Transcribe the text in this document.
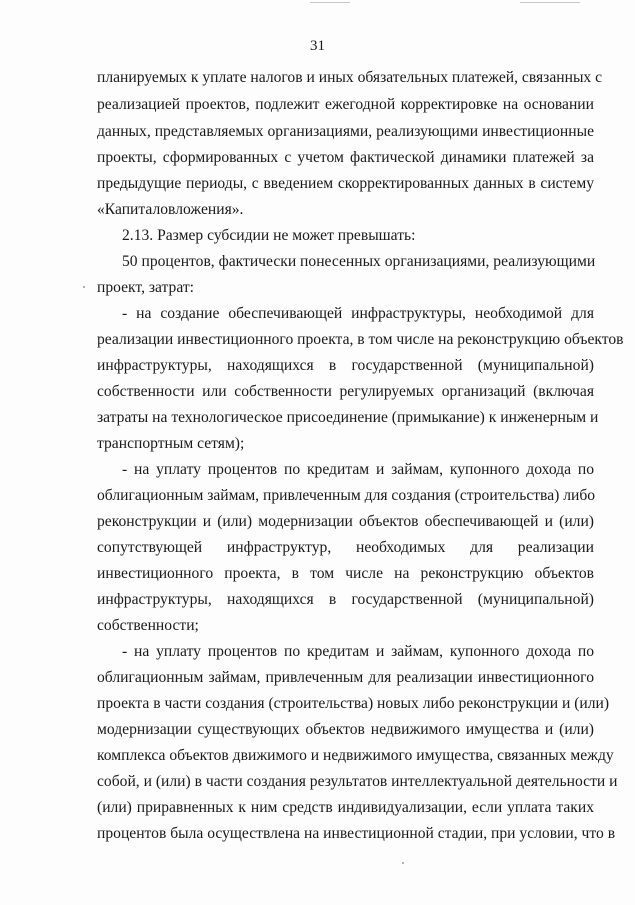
31
планируемых к уплате налогов и иных обязательных платежей, связанных с
реализацией проектов, подлежит ежегодной корректировке на основании
данных, представляемых организациями, реализующими инвестиционные
проекты, сформированных с учетом фактической динамики платежей за
предыдущие периоды, с введением скорректированных данных в систему
«Капиталовложения».
2.13. Размер субсидии не может превышать:
50 процентов, фактически понесенных организациями, реализующими
проект, затрат:
- на создание обеспечивающей инфраструктуры, необходимой для
реализации инвестиционного проекта, в том числе на реконструкцию объектов
инфраструктуры, находящихся в государственной (муниципальной)
собственности или собственности регулируемых организаций (включая
затраты на технологическое присоединение (примыкание) к инженерным и
транспортным сетям);
- на уплату процентов по кредитам и займам, купонного дохода по
облигационным займам, привлеченным для создания (строительства) либо
реконструкции и (или) модернизации объектов обеспечивающей и (или)
сопутствующей инфраструктур, необходимых для реализации
инвестиционного проекта, в том числе на реконструкцию объектов
инфраструктуры, находящихся в государственной (муниципальной)
собственности;
- на уплату процентов по кредитам и займам, купонного дохода по
облигационным займам, привлеченным для реализации инвестиционного
проекта в части создания (строительства) новых либо реконструкции и (или)
модернизации существующих объектов недвижимого имущества и (или)
комплекса объектов движимого и недвижимого имущества, связанных между
собой, и (или) в части создания результатов интеллектуальной деятельности и
(или) приравненных к ним средств индивидуализации, если уплата таких
процентов была осуществлена на инвестиционной стадии, при условии, что в
